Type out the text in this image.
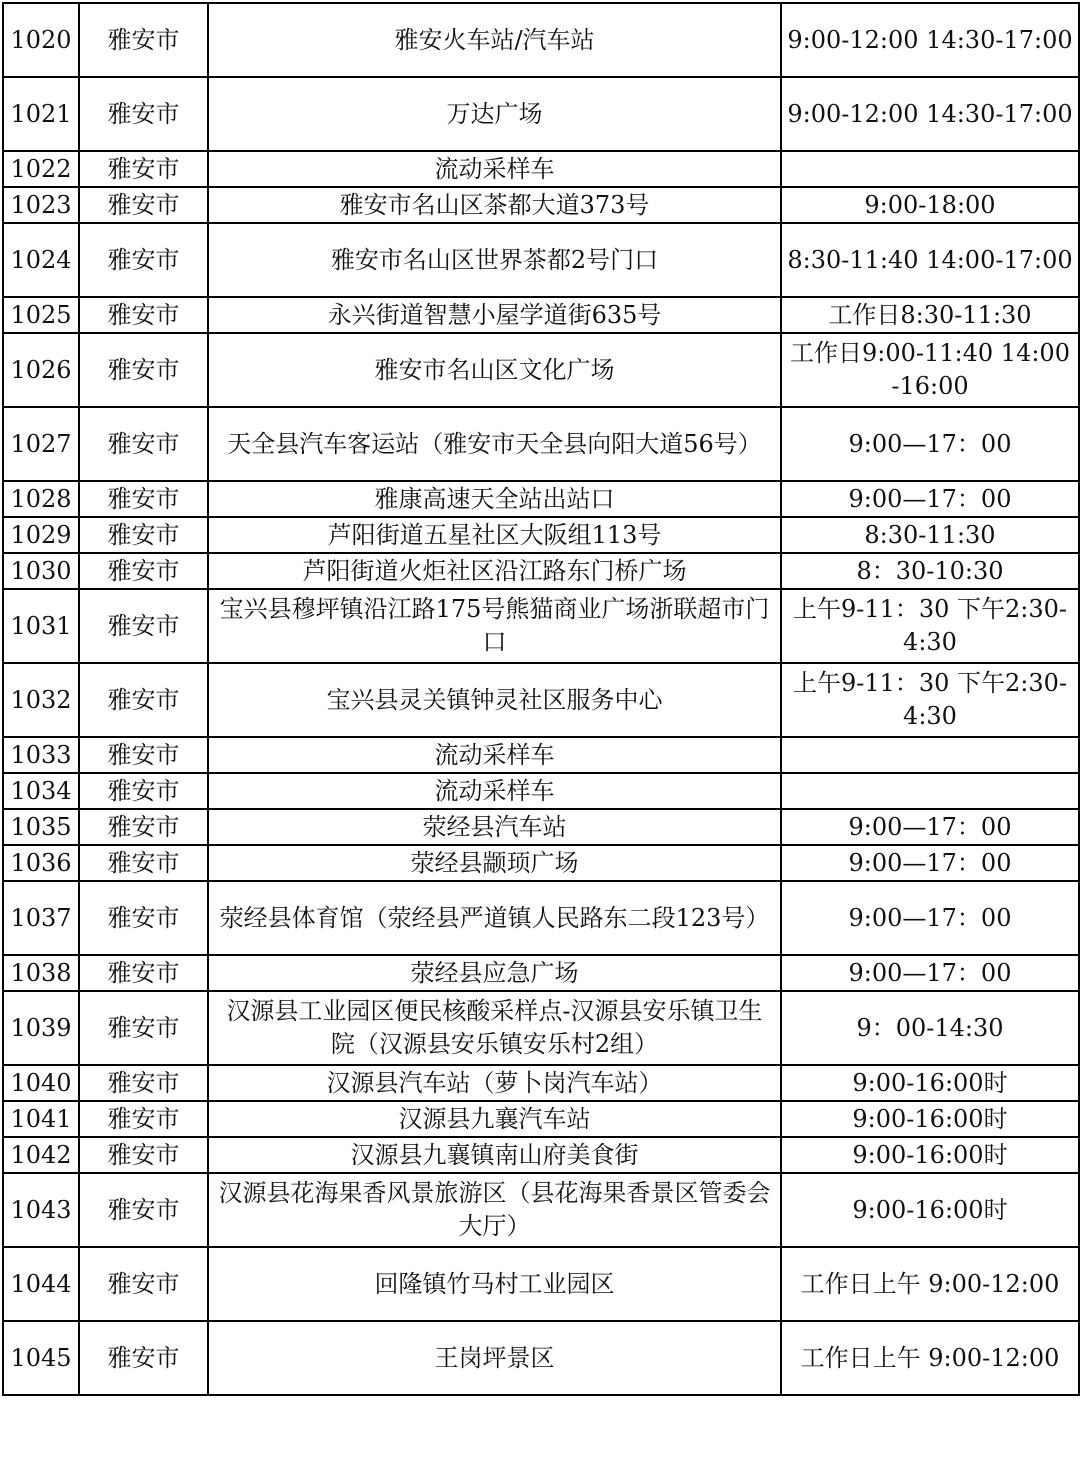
1020	雅安市	雅安火车站/汽车站	9:00-12:00 14:30-17:00
1021	雅安市	万达广场	9:00-12:00 14:30-17:00
1022	雅安市	流动采样车	
1023	雅安市	雅安市名山区茶都大道373号	9:00-18:00
1024	雅安市	雅安市名山区世界茶都2号门口	8:30-11:40 14:00-17:00
1025	雅安市	永兴街道智慧小屋学道街635号	工作日8:30-11:30
1026	雅安市	雅安市名山区文化广场	工作日9:00-11:40 14:00-16:00
1027	雅安市	天全县汽车客运站（雅安市天全县向阳大道56号）	9:00—17：00
1028	雅安市	雅康高速天全站出站口	9:00—17：00
1029	雅安市	芦阳街道五星社区大阪组113号	8:30-11:30
1030	雅安市	芦阳街道火炬社区沿江路东门桥广场	8：30-10:30
1031	雅安市	宝兴县穆坪镇沿江路175号熊猫商业广场浙联超市门口	上午9-11：30 下午2:30-4:30
1032	雅安市	宝兴县灵关镇钟灵社区服务中心	上午9-11：30 下午2:30-4:30
1033	雅安市	流动采样车	
1034	雅安市	流动采样车	
1035	雅安市	荥经县汽车站	9:00—17：00
1036	雅安市	荥经县颛顼广场	9:00—17：00
1037	雅安市	荥经县体育馆（荥经县严道镇人民路东二段123号）	9:00—17：00
1038	雅安市	荥经县应急广场	9:00—17：00
1039	雅安市	汉源县工业园区便民核酸采样点-汉源县安乐镇卫生院（汉源县安乐镇安乐村2组）	9：00-14:30
1040	雅安市	汉源县汽车站（萝卜岗汽车站）	9:00-16:00时
1041	雅安市	汉源县九襄汽车站	9:00-16:00时
1042	雅安市	汉源县九襄镇南山府美食街	9:00-16:00时
1043	雅安市	汉源县花海果香风景旅游区（县花海果香景区管委会大厅）	9:00-16:00时
1044	雅安市	回隆镇竹马村工业园区	工作日上午 9:00-12:00
1045	雅安市	王岗坪景区	工作日上午 9:00-12:00
